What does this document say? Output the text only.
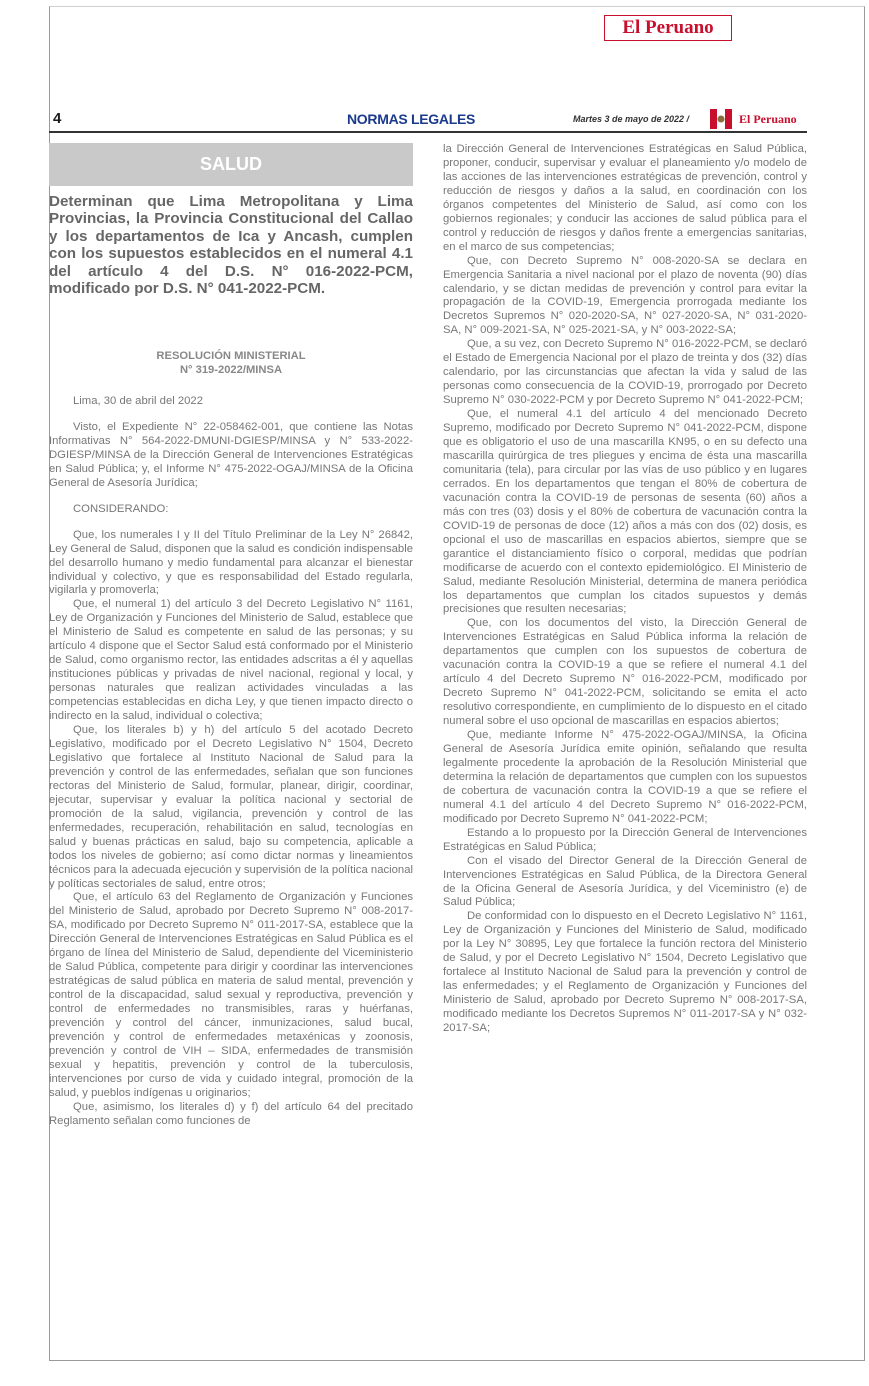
El Peruano
4	NORMAS LEGALES	Martes 3 de mayo de 2022 /	El Peruano
SALUD
Determinan que Lima Metropolitana y Lima Provincias, la Provincia Constitucional del Callao y los departamentos de Ica y Ancash, cumplen con los supuestos establecidos en el numeral 4.1 del artículo 4 del D.S. N° 016-2022-PCM, modificado por D.S. N° 041-2022-PCM.
RESOLUCIÓN MINISTERIAL
N° 319-2022/MINSA

Lima, 30 de abril del 2022

Visto, el Expediente N° 22-058462-001, que contiene las Notas Informativas N° 564-2022-DMUNI-DGIESP/MINSA y N° 533-2022-DGIESP/MINSA de la Dirección General de Intervenciones Estratégicas en Salud Pública; y, el Informe N° 475-2022-OGAJ/MINSA de la Oficina General de Asesoría Jurídica;

CONSIDERANDO:

Que, los numerales I y II del Título Preliminar de la Ley N° 26842, Ley General de Salud, disponen que la salud es condición indispensable del desarrollo humano y medio fundamental para alcanzar el bienestar individual y colectivo, y que es responsabilidad del Estado regularla, vigilarla y promoverla;

Que, el numeral 1) del artículo 3 del Decreto Legislativo N° 1161, Ley de Organización y Funciones del Ministerio de Salud, establece que el Ministerio de Salud es competente en salud de las personas; y su artículo 4 dispone que el Sector Salud está conformado por el Ministerio de Salud, como organismo rector, las entidades adscritas a él y aquellas instituciones públicas y privadas de nivel nacional, regional y local, y personas naturales que realizan actividades vinculadas a las competencias establecidas en dicha Ley, y que tienen impacto directo o indirecto en la salud, individual o colectiva;

Que, los literales b) y h) del artículo 5 del acotado Decreto Legislativo, modificado por el Decreto Legislativo N° 1504, Decreto Legislativo que fortalece al Instituto Nacional de Salud para la prevención y control de las enfermedades, señalan que son funciones rectoras del Ministerio de Salud, formular, planear, dirigir, coordinar, ejecutar, supervisar y evaluar la política nacional y sectorial de promoción de la salud, vigilancia, prevención y control de las enfermedades, recuperación, rehabilitación en salud, tecnologías en salud y buenas prácticas en salud, bajo su competencia, aplicable a todos los niveles de gobierno; así como dictar normas y lineamientos técnicos para la adecuada ejecución y supervisión de la política nacional y políticas sectoriales de salud, entre otros;

Que, el artículo 63 del Reglamento de Organización y Funciones del Ministerio de Salud, aprobado por Decreto Supremo N° 008-2017-SA, modificado por Decreto Supremo N° 011-2017-SA, establece que la Dirección General de Intervenciones Estratégicas en Salud Pública es el órgano de línea del Ministerio de Salud, dependiente del Viceministerio de Salud Pública, competente para dirigir y coordinar las intervenciones estratégicas de salud pública en materia de salud mental, prevención y control de la discapacidad, salud sexual y reproductiva, prevención y control de enfermedades no transmisibles, raras y huérfanas, prevención y control del cáncer, inmunizaciones, salud bucal, prevención y control de enfermedades metaxénicas y zoonosis, prevención y control de VIH – SIDA, enfermedades de transmisión sexual y hepatitis, prevención y control de la tuberculosis, intervenciones por curso de vida y cuidado integral, promoción de la salud, y pueblos indígenas u originarios;

Que, asimismo, los literales d) y f) del artículo 64 del precitado Reglamento señalan como funciones de

la Dirección General de Intervenciones Estratégicas en Salud Pública, proponer, conducir, supervisar y evaluar el planeamiento y/o modelo de las acciones de las intervenciones estratégicas de prevención, control y reducción de riesgos y daños a la salud, en coordinación con los órganos competentes del Ministerio de Salud, así como con los gobiernos regionales; y conducir las acciones de salud pública para el control y reducción de riesgos y daños frente a emergencias sanitarias, en el marco de sus competencias;

Que, con Decreto Supremo N° 008-2020-SA se declara en Emergencia Sanitaria a nivel nacional por el plazo de noventa (90) días calendario, y se dictan medidas de prevención y control para evitar la propagación de la COVID-19, Emergencia prorrogada mediante los Decretos Supremos N° 020-2020-SA, N° 027-2020-SA, N° 031-2020-SA, N° 009-2021-SA, N° 025-2021-SA, y N° 003-2022-SA;

Que, a su vez, con Decreto Supremo N° 016-2022-PCM, se declaró el Estado de Emergencia Nacional por el plazo de treinta y dos (32) días calendario, por las circunstancias que afectan la vida y salud de las personas como consecuencia de la COVID-19, prorrogado por Decreto Supremo N° 030-2022-PCM y por Decreto Supremo N° 041-2022-PCM;

Que, el numeral 4.1 del artículo 4 del mencionado Decreto Supremo, modificado por Decreto Supremo N° 041-2022-PCM, dispone que es obligatorio el uso de una mascarilla KN95, o en su defecto una mascarilla quirúrgica de tres pliegues y encima de ésta una mascarilla comunitaria (tela), para circular por las vías de uso público y en lugares cerrados. En los departamentos que tengan el 80% de cobertura de vacunación contra la COVID-19 de personas de sesenta (60) años a más con tres (03) dosis y el 80% de cobertura de vacunación contra la COVID-19 de personas de doce (12) años a más con dos (02) dosis, es opcional el uso de mascarillas en espacios abiertos, siempre que se garantice el distanciamiento físico o corporal, medidas que podrían modificarse de acuerdo con el contexto epidemiológico. El Ministerio de Salud, mediante Resolución Ministerial, determina de manera periódica los departamentos que cumplan los citados supuestos y demás precisiones que resulten necesarias;

Que, con los documentos del visto, la Dirección General de Intervenciones Estratégicas en Salud Pública informa la relación de departamentos que cumplen con los supuestos de cobertura de vacunación contra la COVID-19 a que se refiere el numeral 4.1 del artículo 4 del Decreto Supremo N° 016-2022-PCM, modificado por Decreto Supremo N° 041-2022-PCM, solicitando se emita el acto resolutivo correspondiente, en cumplimiento de lo dispuesto en el citado numeral sobre el uso opcional de mascarillas en espacios abiertos;

Que, mediante Informe N° 475-2022-OGAJ/MINSA, la Oficina General de Asesoría Jurídica emite opinión, señalando que resulta legalmente procedente la aprobación de la Resolución Ministerial que determina la relación de departamentos que cumplen con los supuestos de cobertura de vacunación contra la COVID-19 a que se refiere el numeral 4.1 del artículo 4 del Decreto Supremo N° 016-2022-PCM, modificado por Decreto Supremo N° 041-2022-PCM;

Estando a lo propuesto por la Dirección General de Intervenciones Estratégicas en Salud Pública;

Con el visado del Director General de la Dirección General de Intervenciones Estratégicas en Salud Pública, de la Directora General de la Oficina General de Asesoría Jurídica, y del Viceministro (e) de Salud Pública;

De conformidad con lo dispuesto en el Decreto Legislativo N° 1161, Ley de Organización y Funciones del Ministerio de Salud, modificado por la Ley N° 30895, Ley que fortalece la función rectora del Ministerio de Salud, y por el Decreto Legislativo N° 1504, Decreto Legislativo que fortalece al Instituto Nacional de Salud para la prevención y control de las enfermedades; y el Reglamento de Organización y Funciones del Ministerio de Salud, aprobado por Decreto Supremo N° 008-2017-SA, modificado mediante los Decretos Supremos N° 011-2017-SA y N° 032-2017-SA;
